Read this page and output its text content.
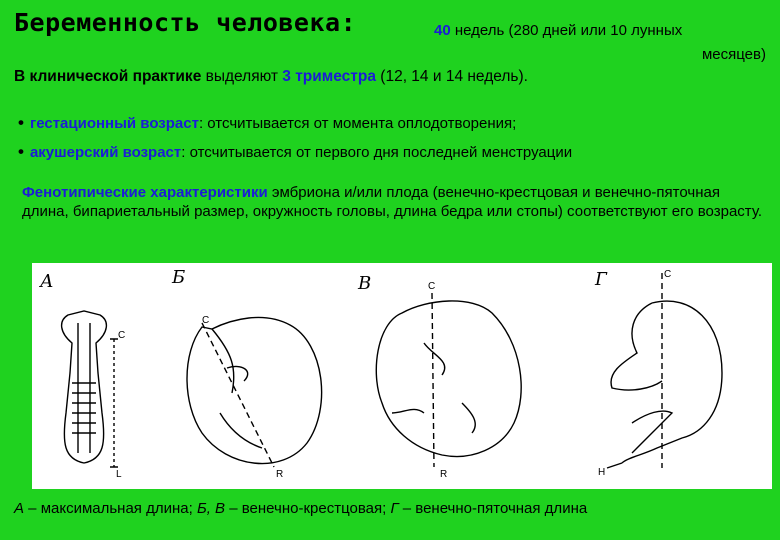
Беременность человека:	40 недель (280 дней или 10 лунных
месяцев)
В клинической практике выделяют 3 триместра (12, 14 и 14 недель).
• гестационный возраст: отсчитывается от момента оплодотворения;
• акушерский возраст: отсчитывается от первого дня последней менструации
Фенотипические характеристики эмбриона и/или плода (венечно-крестцовая и венечно-пяточная длина, бипариетальный размер, окружность головы, длина бедра или стопы) соответствуют его возрасту.
А	Б	В	Г
C
L
C
R
C
R
C
H
А – максимальная длина; Б, В – венечно-крестцовая; Г – венечно-пяточная длина
